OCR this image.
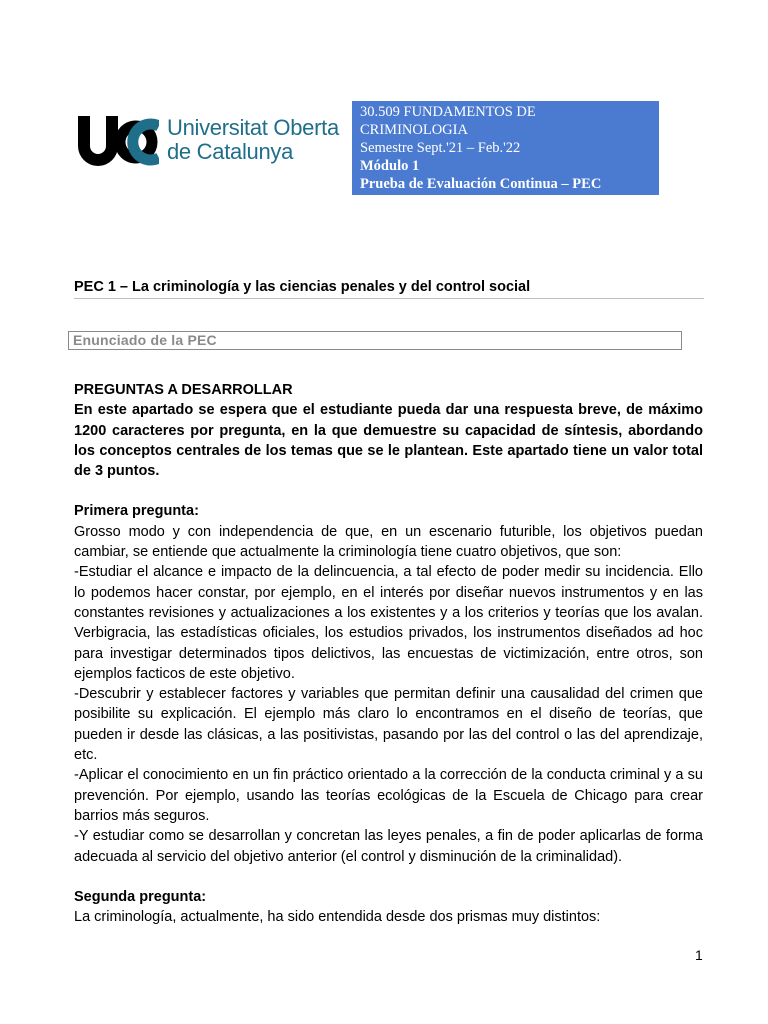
Universitat Oberta
de Catalunya
30.509 FUNDAMENTOS DE
CRIMINOLOGIA
Semestre Sept.'21 – Feb.'22
Módulo 1
Prueba de Evaluación Continua – PEC
PEC 1 – La criminología y las ciencias penales y del control social
Enunciado de la PEC

PREGUNTAS A DESARROLLAR

En este apartado se espera que el estudiante pueda dar una respuesta breve, de máximo 1200 caracteres por pregunta, en la que demuestre su capacidad de síntesis, abordando los conceptos centrales de los temas que se le plantean. Este apartado tiene un valor total de 3 puntos.

Primera pregunta:

Grosso modo y con independencia de que, en un escenario futurible, los objetivos puedan cambiar, se entiende que actualmente la criminología tiene cuatro objetivos, que son:

-Estudiar el alcance e impacto de la delincuencia, a tal efecto de poder medir su incidencia. Ello lo podemos hacer constar, por ejemplo, en el interés por diseñar nuevos instrumentos y en las constantes revisiones y actualizaciones a los existentes y a los criterios y teorías que los avalan. Verbigracia, las estadísticas oficiales, los estudios privados, los instrumentos diseñados ad hoc para investigar determinados tipos delictivos, las encuestas de victimización, entre otros, son ejemplos facticos de este objetivo.

-Descubrir y establecer factores y variables que permitan definir una causalidad del crimen que posibilite su explicación. El ejemplo más claro lo encontramos en el diseño de teorías, que pueden ir desde las clásicas, a las positivistas, pasando por las del control o las del aprendizaje, etc.

-Aplicar el conocimiento en un fin práctico orientado a la corrección de la conducta criminal y a su prevención. Por ejemplo, usando las teorías ecológicas de la Escuela de Chicago para crear barrios más seguros.

-Y estudiar como se desarrollan y concretan las leyes penales, a fin de poder aplicarlas de forma adecuada al servicio del objetivo anterior (el control y disminución de la criminalidad).

Segunda pregunta:

La criminología, actualmente, ha sido entendida desde dos prismas muy distintos:

1
